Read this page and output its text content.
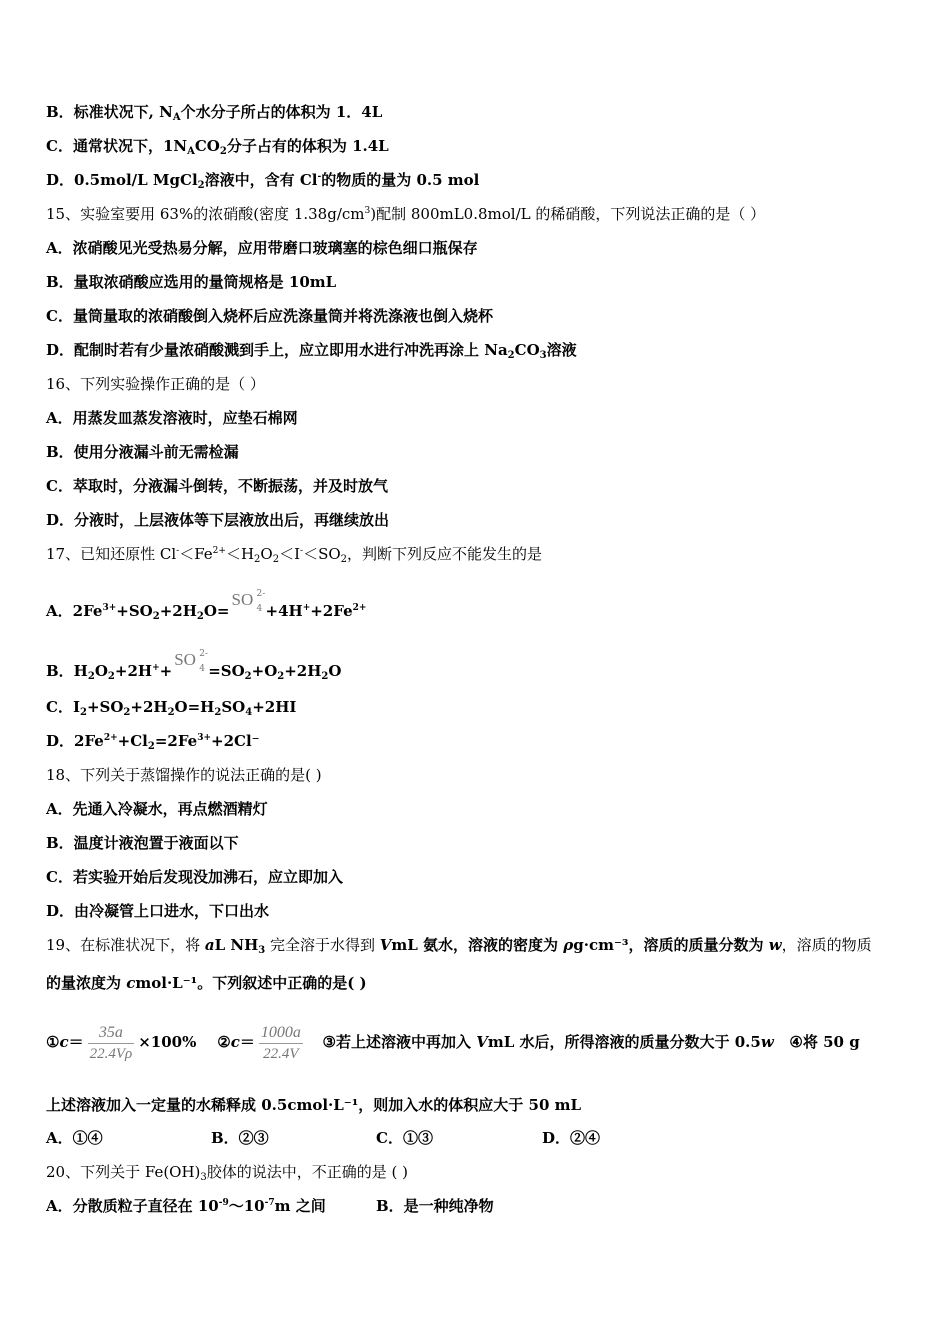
B．标准状况下, $N_A$个水分子所占的体积为 1．4L
C．通常状况下，$1N_ACO_2$分子占有的体积为 1.4L
D．0.5mol/L MgCl$_2$溶液中，含有 Cl-的物质的量为 0.5 mol
15、实验室要用 63%的浓硝酸(密度 $1.38g/cm^3$)配制 800mL0.8mol/L 的稀硝酸，下列说法正确的是（ ）
A．浓硝酸见光受热易分解，应用带磨口玻璃塞的棕色细口瓶保存
B．量取浓硝酸应选用的量筒规格是 10mL
C．量筒量取的浓硝酸倒入烧杯后应洗涤量筒并将洗涤液也倒入烧杯
D．配制时若有少量浓硝酸溅到手上，应立即用水进行冲洗再涂上 $Na_2CO_3$溶液
16、下列实验操作正确的是（ ）
A．用蒸发皿蒸发溶液时，应垫石棉网
B．使用分液漏斗前无需检漏
C．萃取时，分液漏斗倒转，不断振荡，并及时放气
D．分液时，上层液体等下层液放出后，再继续放出
17、已知还原性 $Cl^-<Fe^{2+}<H_2O_2<I^-<SO_2$，判断下列反应不能发生的是
A．$2Fe^{3+}+SO_2+2H_2O=$
SO 2-
$4 +4H^++2Fe^{2+}$
B．$H_2O_2+2H^++$
SO 2-
$4 =SO_2+O_2+2H_2O$
C．$I_2+SO_2+2H_2O=H_2SO_4+2HI$
D．$2Fe^{2+}+Cl_2=2Fe^{3+}+2Cl^-$
18、下列关于蒸馏操作的说法正确的是( )
A．先通入冷凝水，再点燃酒精灯
B．温度计液泡置于液面以下
C．若实验开始后发现没加沸石，应立即加入
D．由冷凝管上口进水，下口出水
19、在标准状况下，将 aL $NH_3$ 完全溶于水得到 VmL 氨水，溶液的密度为 ρg·cm⁻³，溶质的质量分数为 w，溶质的物质
的量浓度为 cmol·L⁻¹。下列叙述中正确的是( )
①c＝ $\frac{35a}{22.4V\rho} \times 100\%$ ②c＝ $\frac{1000a}{22.4V}$ ③若上述溶液中再加入 VmL 水后，所得溶液的质量分数大于 0.5w ④将 50 g
上述溶液加入一定量的水稀释成 0.5cmol·L⁻¹，则加入水的体积应大于 50 mL
A．①④	B．②③	C．①③	D．②④
20、下列关于 $Fe(OH)_3$胶体的说法中，不正确的是 ( )
A．分散质粒子直径在 $10^{-9}\sim 10^{-7}m$ 之间	B．是一种纯净物
